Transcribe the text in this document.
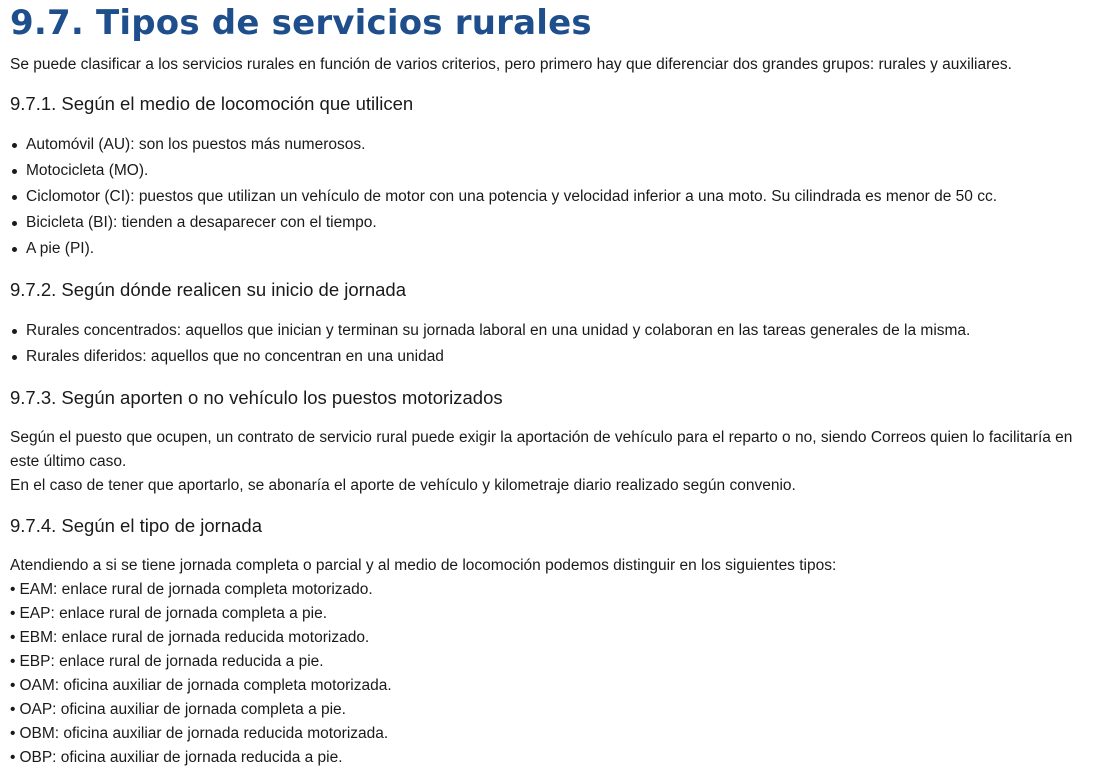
9.7. Tipos de servicios rurales

Se puede clasificar a los servicios rurales en función de varios criterios, pero primero hay que diferenciar dos grandes grupos: rurales y auxiliares.

9.7.1. Según el medio de locomoción que utilicen
Automóvil (AU): son los puestos más numerosos.
Motocicleta (MO).
Ciclomotor (CI): puestos que utilizan un vehículo de motor con una potencia y velocidad inferior a una moto. Su cilindrada es menor de 50 cc.
Bicicleta (BI): tienden a desaparecer con el tiempo.
A pie (PI).
9.7.2. Según dónde realicen su inicio de jornada
Rurales concentrados: aquellos que inician y terminan su jornada laboral en una unidad y colaboran en las tareas generales de la misma.
Rurales diferidos: aquellos que no concentran en una unidad
9.7.3. Según aporten o no vehículo los puestos motorizados
Según el puesto que ocupen, un contrato de servicio rural puede exigir la aportación de vehículo para el reparto o no, siendo Correos quien lo facilitaría en este último caso.
En el caso de tener que aportarlo, se abonaría el aporte de vehículo y kilometraje diario realizado según convenio.
9.7.4. Según el tipo de jornada
Atendiendo a si se tiene jornada completa o parcial y al medio de locomoción podemos distinguir en los siguientes tipos:
• EAM: enlace rural de jornada completa motorizado.
• EAP: enlace rural de jornada completa a pie.
• EBM: enlace rural de jornada reducida motorizado.
• EBP: enlace rural de jornada reducida a pie.
• OAM: oficina auxiliar de jornada completa motorizada.
• OAP: oficina auxiliar de jornada completa a pie.
• OBM: oficina auxiliar de jornada reducida motorizada.
• OBP: oficina auxiliar de jornada reducida a pie.
